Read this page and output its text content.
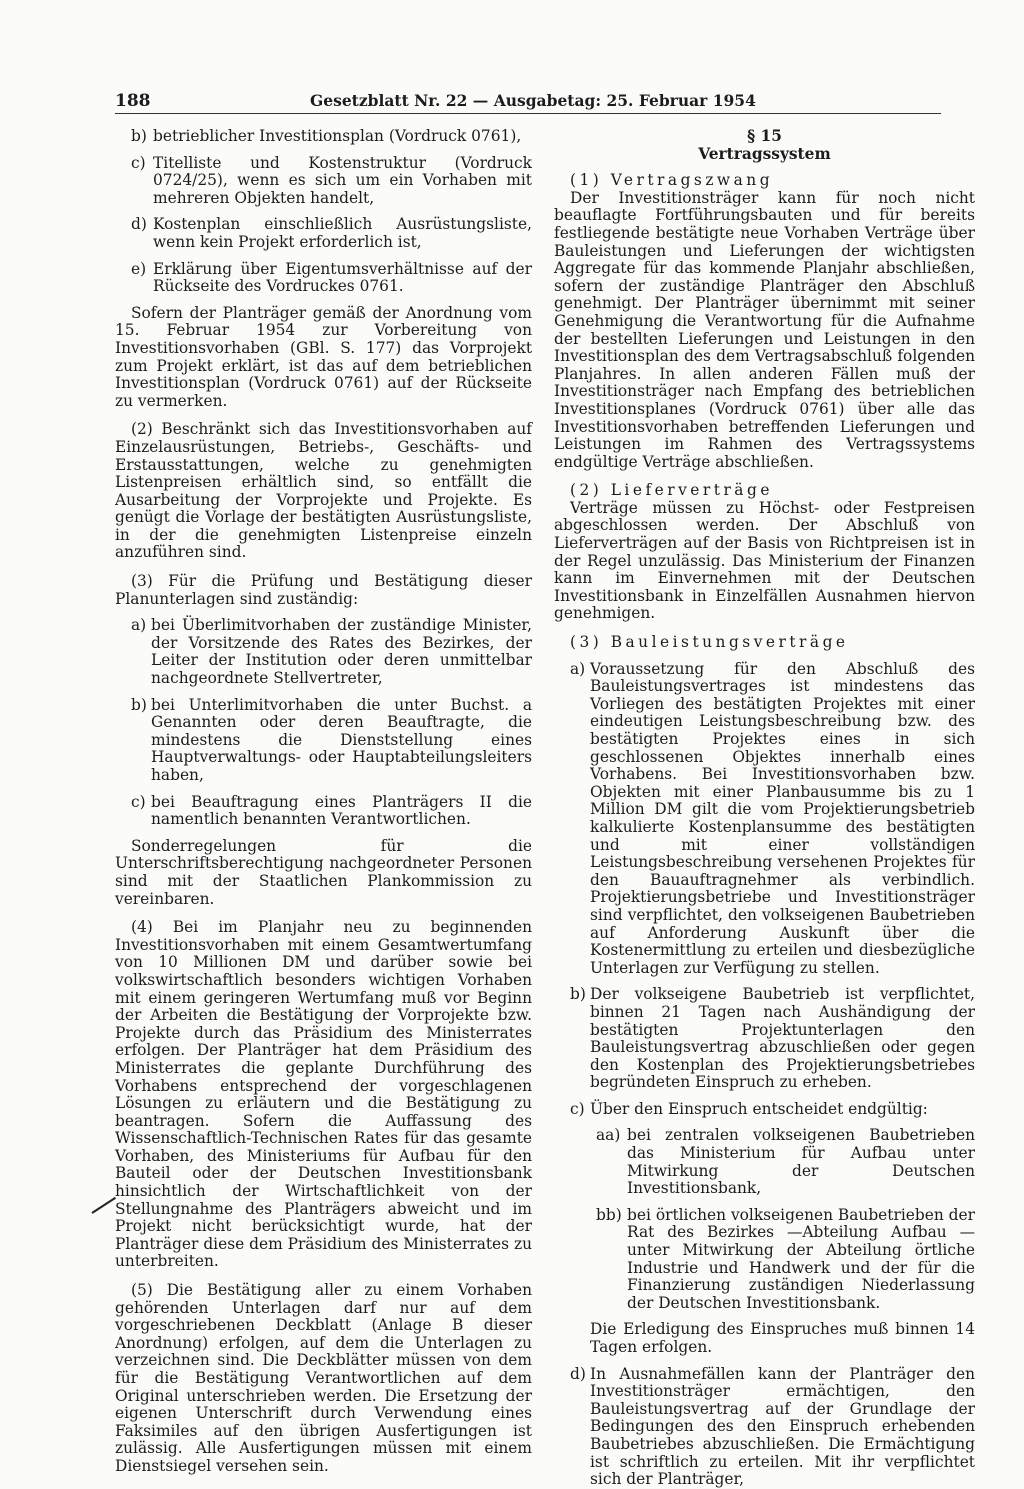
188	Gesetzblatt Nr. 22 — Ausgabetag: 25. Februar 1954
b) betrieblicher Investitionsplan (Vordruck 0761),
c) Titelliste und Kostenstruktur (Vordruck 0724/25), wenn es sich um ein Vorhaben mit mehreren Objekten handelt,
d) Kostenplan einschließlich Ausrüstungsliste, wenn kein Projekt erforderlich ist,
e) Erklärung über Eigentumsverhältnisse auf der Rückseite des Vordruckes 0761.

Sofern der Planträger gemäß der Anordnung vom 15. Februar 1954 zur Vorbereitung von Investitionsvorhaben (GBl. S. 177) das Vorprojekt zum Projekt erklärt, ist das auf dem betrieblichen Investitionsplan (Vordruck 0761) auf der Rückseite zu vermerken.

(2) Beschränkt sich das Investitionsvorhaben auf Einzelausrüstungen, Betriebs-, Geschäfts- und Erstausstattungen, welche zu genehmigten Listenpreisen erhältlich sind, so entfällt die Ausarbeitung der Vorprojekte und Projekte. Es genügt die Vorlage der bestätigten Ausrüstungsliste, in der die genehmigten Listenpreise einzeln anzuführen sind.

(3) Für die Prüfung und Bestätigung dieser Planunterlagen sind zuständig:

a) bei Überlimitvorhaben der zuständige Minister, der Vorsitzende des Rates des Bezirkes, der Leiter der Institution oder deren unmittelbar nachgeordnete Stellvertreter,
b) bei Unterlimitvorhaben die unter Buchst. a Genannten oder deren Beauftragte, die mindestens die Dienststellung eines Hauptverwaltungs- oder Hauptabteilungsleiters haben,
c) bei Beauftragung eines Planträgers II die namentlich benannten Verantwortlichen.

Sonderregelungen für die Unterschriftsberechtigung nachgeordneter Personen sind mit der Staatlichen Plankommission zu vereinbaren.

(4) Bei im Planjahr neu zu beginnenden Investitionsvorhaben mit einem Gesamtwertumfang von 10 Millionen DM und darüber sowie bei volkswirtschaftlich besonders wichtigen Vorhaben mit einem geringeren Wertumfang muß vor Beginn der Arbeiten die Bestätigung der Vorprojekte bzw. Projekte durch das Präsidium des Ministerrates erfolgen. Der Planträger hat dem Präsidium des Ministerrates die geplante Durchführung des Vorhabens entsprechend der vorgeschlagenen Lösungen zu erläutern und die Bestätigung zu beantragen. Sofern die Auffassung des Wissenschaftlich-Technischen Rates für das gesamte Vorhaben, des Ministeriums für Aufbau für den Bauteil oder der Deutschen Investitionsbank hinsichtlich der Wirtschaftlichkeit von der Stellungnahme des Planträgers abweicht und im Projekt nicht berücksichtigt wurde, hat der Planträger diese dem Präsidium des Ministerrates zu unterbreiten.

(5) Die Bestätigung aller zu einem Vorhaben gehörenden Unterlagen darf nur auf dem vorgeschriebenen Deckblatt (Anlage B dieser Anordnung) erfolgen, auf dem die Unterlagen zu verzeichnen sind. Die Deckblätter müssen von dem für die Bestätigung Verantwortlichen auf dem Original unterschrieben werden. Die Ersetzung der eigenen Unterschrift durch Verwendung eines Faksimiles auf den übrigen Ausfertigungen ist zulässig. Alle Ausfertigungen müssen mit einem Dienstsiegel versehen sein.

§ 15

Vertragssystem

(1) Vertragszwang

Der Investitionsträger kann für noch nicht beauflagte Fortführungsbauten und für bereits festliegende bestätigte neue Vorhaben Verträge über Bauleistungen und Lieferungen der wichtigsten Aggregate für das kommende Planjahr abschließen, sofern der zuständige Planträger den Abschluß genehmigt. Der Planträger übernimmt mit seiner Genehmigung die Verantwortung für die Aufnahme der bestellten Lieferungen und Leistungen in den Investitionsplan des dem Vertragsabschluß folgenden Planjahres. In allen anderen Fällen muß der Investitionsträger nach Empfang des betrieblichen Investitionsplanes (Vordruck 0761) über alle das Investitionsvorhaben betreffenden Lieferungen und Leistungen im Rahmen des Vertragssystems endgültige Verträge abschließen.

(2) Lieferverträge

Verträge müssen zu Höchst- oder Festpreisen abgeschlossen werden. Der Abschluß von Lieferverträgen auf der Basis von Richtpreisen ist in der Regel unzulässig. Das Ministerium der Finanzen kann im Einvernehmen mit der Deutschen Investitionsbank in Einzelfällen Ausnahmen hiervon genehmigen.

(3) Bauleistungsverträge

a) Voraussetzung für den Abschluß des Bauleistungsvertrages ist mindestens das Vorliegen des bestätigten Projektes mit einer eindeutigen Leistungsbeschreibung bzw. des bestätigten Projektes eines in sich geschlossenen Objektes innerhalb eines Vorhabens. Bei Investitionsvorhaben bzw. Objekten mit einer Planbausumme bis zu 1 Million DM gilt die vom Projektierungsbetrieb kalkulierte Kostenplansumme des bestätigten und mit einer vollständigen Leistungsbeschreibung versehenen Projektes für den Bauauftragnehmer als verbindlich. Projektierungsbetriebe und Investitionsträger sind verpflichtet, den volkseigenen Baubetrieben auf Anforderung Auskunft über die Kostenermittlung zu erteilen und diesbezügliche Unterlagen zur Verfügung zu stellen.
b) Der volkseigene Baubetrieb ist verpflichtet, binnen 21 Tagen nach Aushändigung der bestätigten Projektunterlagen den Bauleistungsvertrag abzuschließen oder gegen den Kostenplan des Projektierungsbetriebes begründeten Einspruch zu erheben.
c) Über den Einspruch entscheidet endgültig:
aa) bei zentralen volkseigenen Baubetrieben das Ministerium für Aufbau unter Mitwirkung der Deutschen Investitionsbank,
bb) bei örtlichen volkseigenen Baubetrieben der Rat des Bezirkes —Abteilung Aufbau — unter Mitwirkung der Abteilung örtliche Industrie und Handwerk und der für die Finanzierung zuständigen Niederlassung der Deutschen Investitionsbank.

Die Erledigung des Einspruches muß binnen 14 Tagen erfolgen.

d) In Ausnahmefällen kann der Planträger den Investitionsträger ermächtigen, den Bauleistungsvertrag auf der Grundlage der Bedingungen des den Einspruch erhebenden Baubetriebes abzuschließen. Die Ermächtigung ist schriftlich zu erteilen. Mit ihr verpflichtet sich der Planträger,
